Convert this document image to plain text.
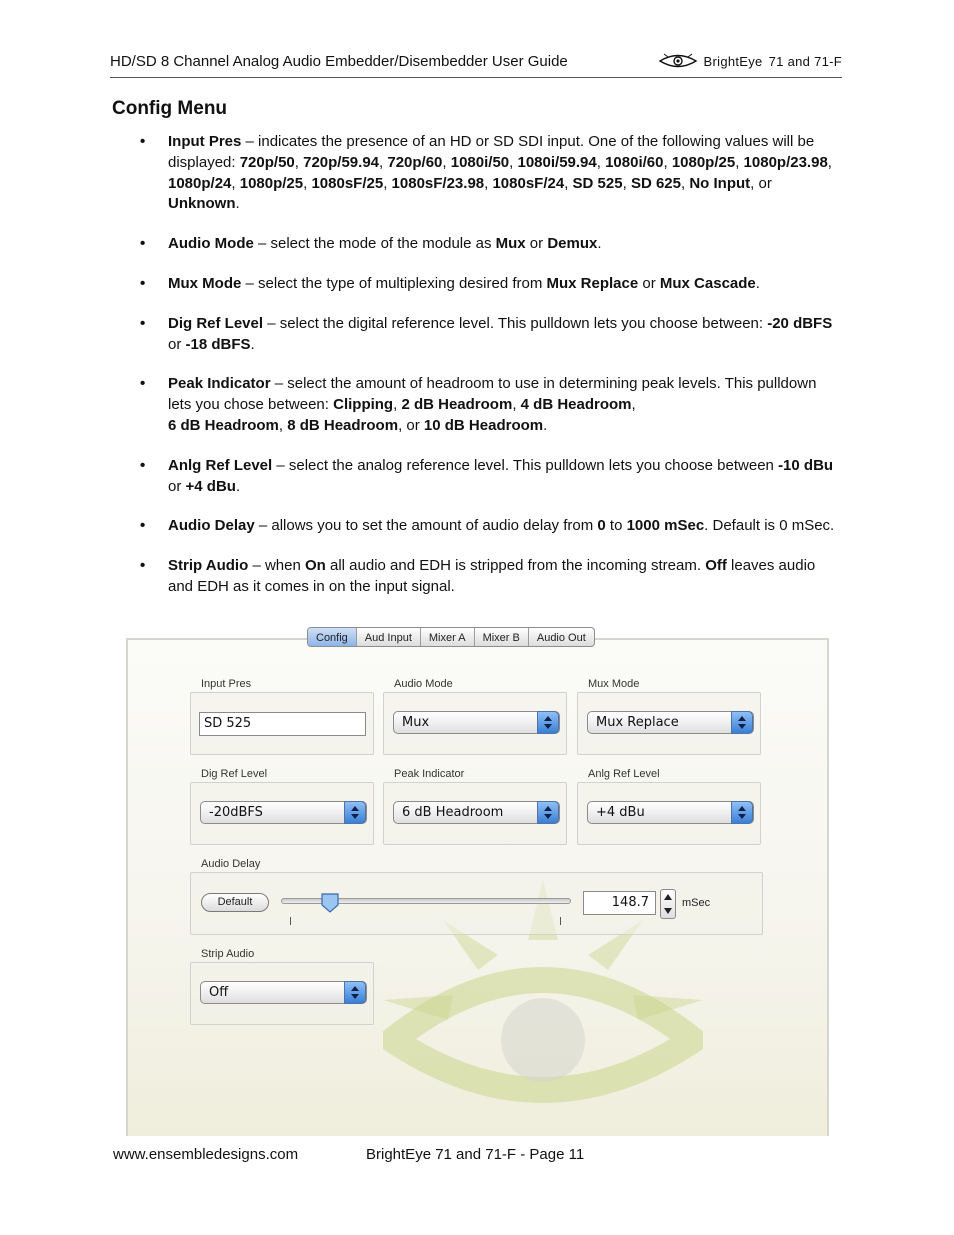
HD/SD 8 Channel Analog Audio Embedder/Disembedder User Guide	BrightEye 71 and 71-F
Config Menu
• Input Pres – indicates the presence of an HD or SD SDI input. One of the following values will be displayed: 720p/50, 720p/59.94, 720p/60, 1080i/50, 1080i/59.94, 1080i/60, 1080p/25, 1080p/23.98, 1080p/24, 1080p/25, 1080sF/25, 1080sF/23.98, 1080sF/24, SD 525, SD 625, No Input, or Unknown.
• Audio Mode – select the mode of the module as Mux or Demux.
• Mux Mode – select the type of multiplexing desired from Mux Replace or Mux Cascade.
• Dig Ref Level – select the digital reference level. This pulldown lets you choose between: -20 dBFS or -18 dBFS.
• Peak Indicator – select the amount of headroom to use in determining peak levels. This pulldown lets you chose between: Clipping, 2 dB Headroom, 4 dB Headroom,
6 dB Headroom, 8 dB Headroom, or 10 dB Headroom.
• Anlg Ref Level – select the analog reference level. This pulldown lets you choose between -10 dBu or +4 dBu.
• Audio Delay – allows you to set the amount of audio delay from 0 to 1000 mSec. Default is 0 mSec.
• Strip Audio – when On all audio and EDH is stripped from the incoming stream. Off leaves audio and EDH as it comes in on the input signal.
Config	Aud Input	Mixer A	Mixer B	Audio Out
Input Pres
SD 525
Audio Mode
Mux
Mux Mode
Mux Replace
Dig Ref Level
-20dBFS
Peak Indicator
6 dB Headroom
Anlg Ref Level
+4 dBu
Audio Delay
Default	148.7	mSec
Strip Audio
Off
www.ensembledesigns.com	BrightEye 71 and 71-F - Page 11
